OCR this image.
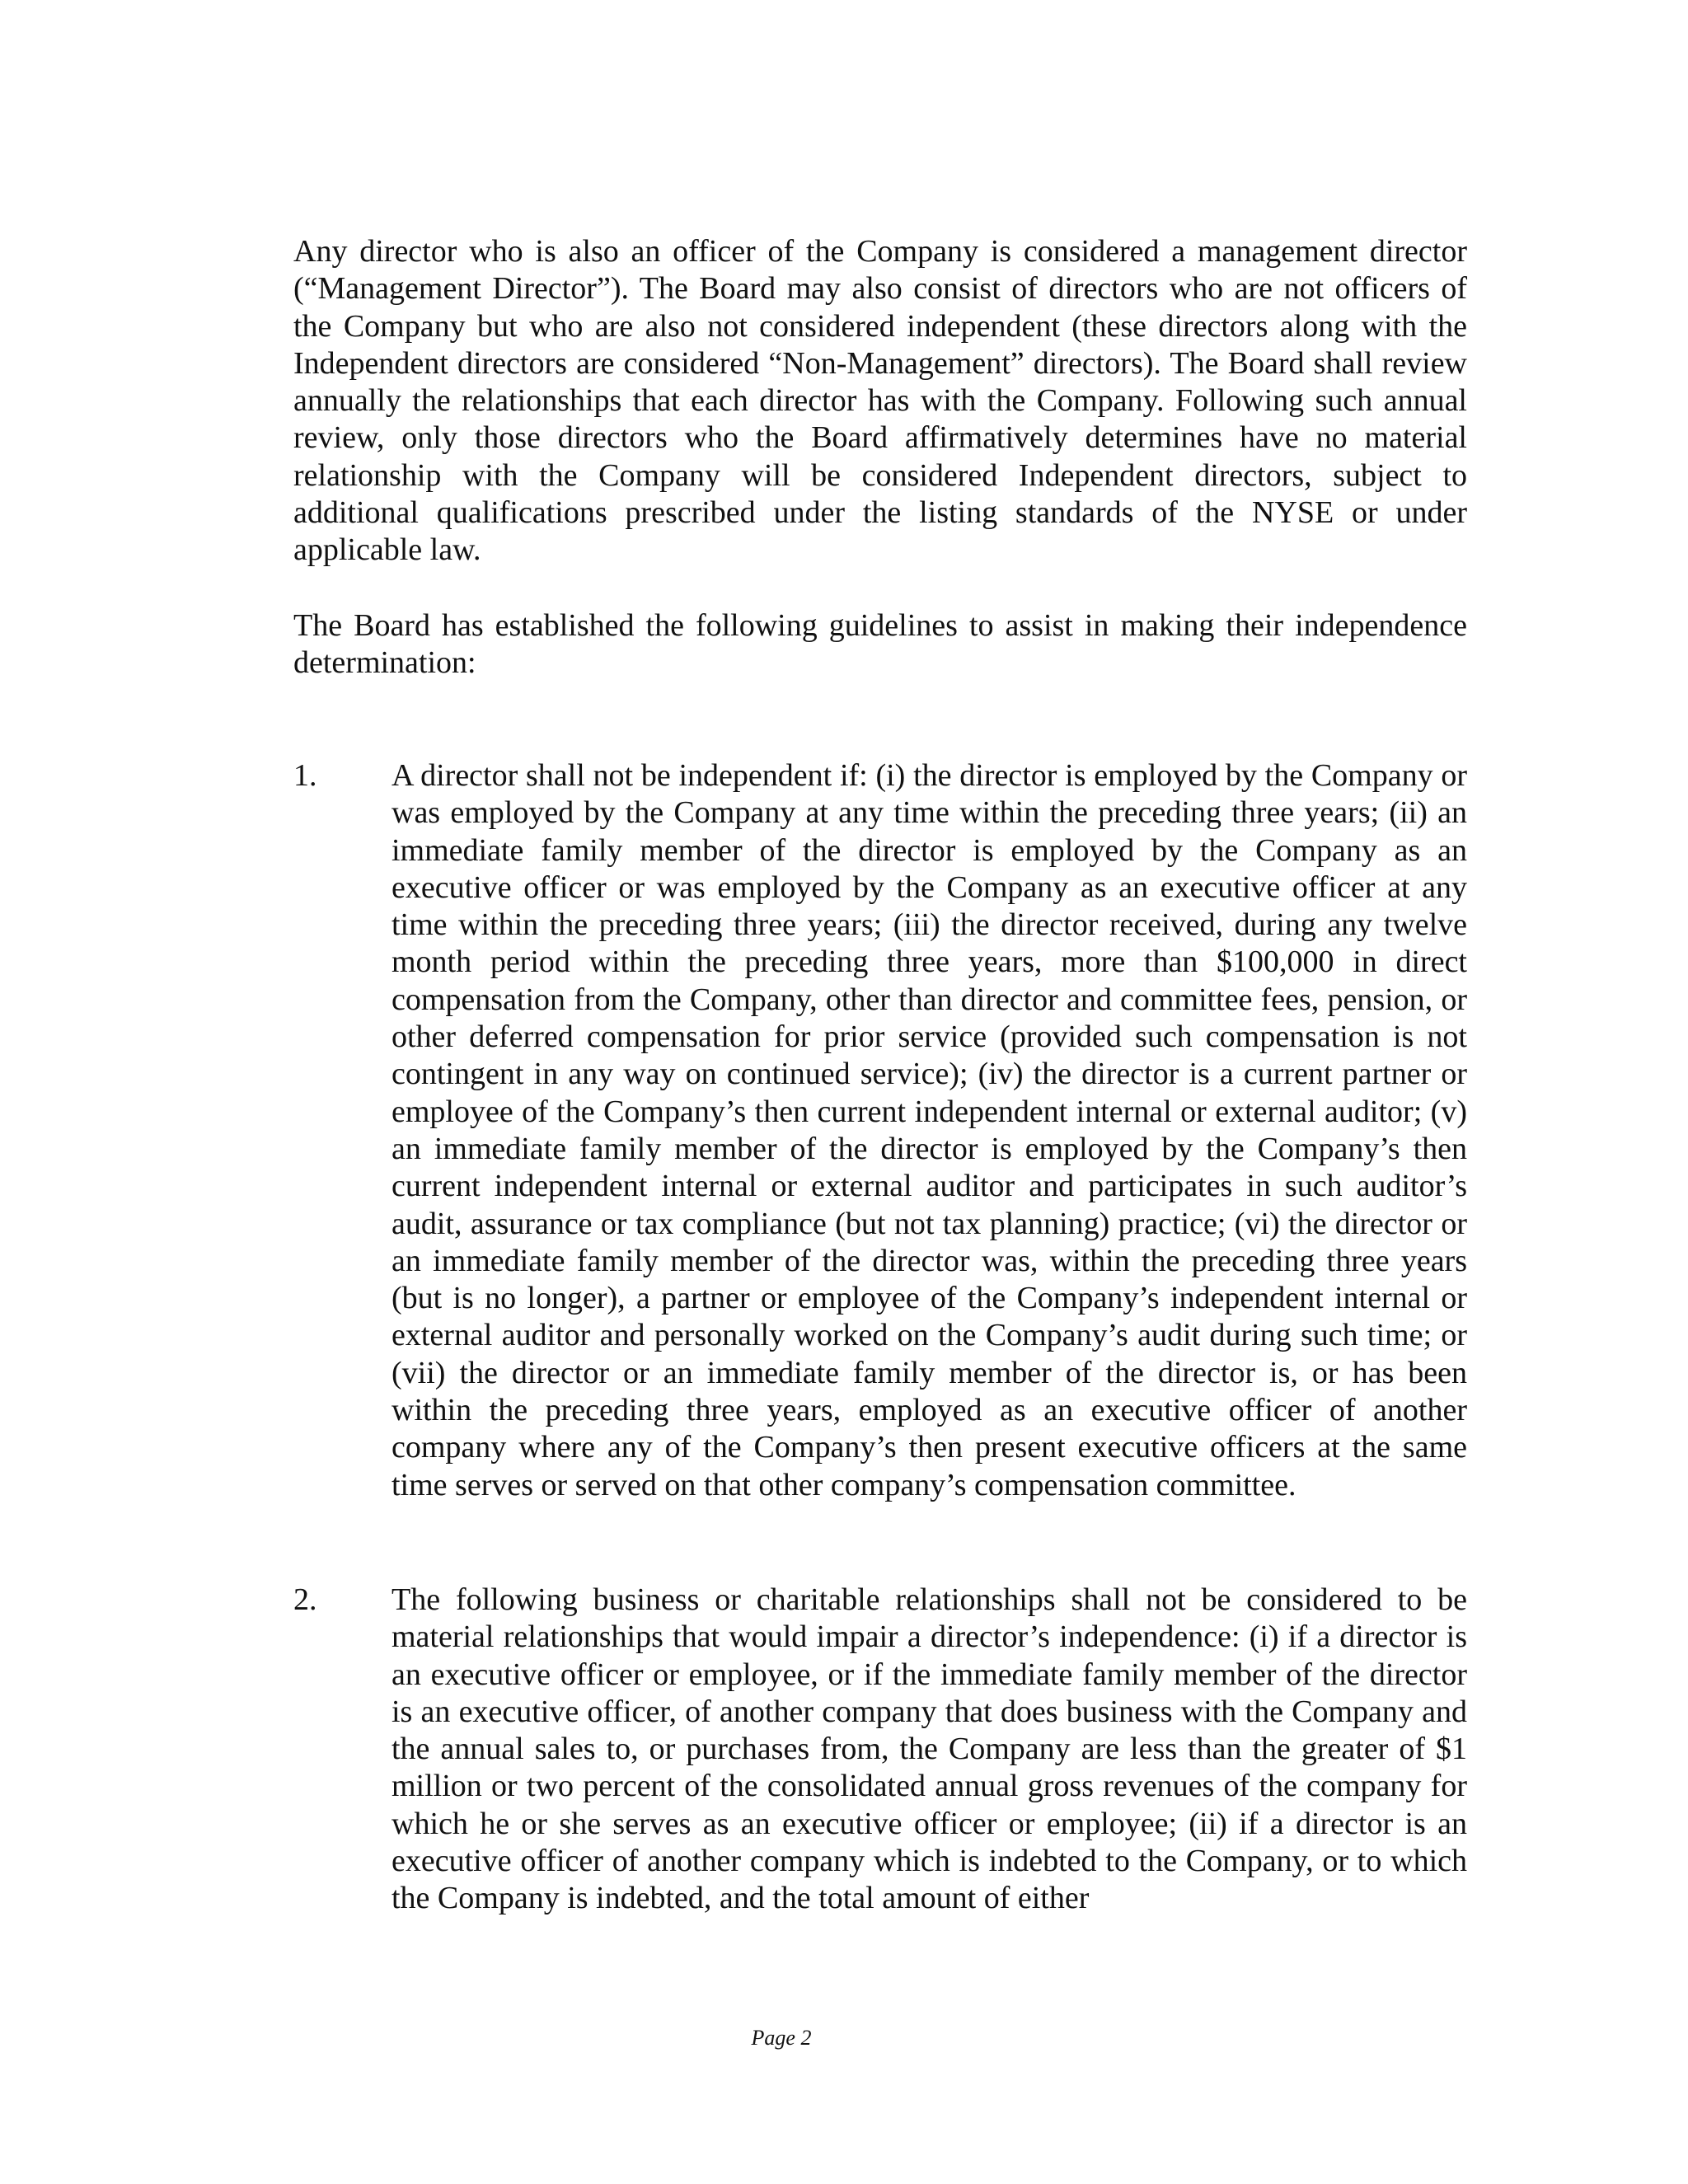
Any director who is also an officer of the Company is considered a management director (“Management Director”). The Board may also consist of directors who are not officers of the Company but who are also not considered independent (these directors along with the Independent directors are considered “Non-Management” directors). The Board shall review annually the relationships that each director has with the Company. Following such annual review, only those directors who the Board affirmatively determines have no material relationship with the Company will be considered Independent directors, subject to additional qualifications prescribed under the listing standards of the NYSE or under applicable law.

The Board has established the following guidelines to assist in making their independence determination:

1. A director shall not be independent if: (i) the director is employed by the Company or was employed by the Company at any time within the preceding three years; (ii) an immediate family member of the director is employed by the Company as an executive officer or was employed by the Company as an executive officer at any time within the preceding three years; (iii) the director received, during any twelve month period within the preceding three years, more than $100,000 in direct compensation from the Company, other than director and committee fees, pension, or other deferred compensation for prior service (provided such compensation is not contingent in any way on continued service); (iv) the director is a current partner or employee of the Company’s then current independent internal or external auditor; (v) an immediate family member of the director is employed by the Company’s then current independent internal or external auditor and participates in such auditor’s audit, assurance or tax compliance (but not tax planning) practice; (vi) the director or an immediate family member of the director was, within the preceding three years (but is no longer), a partner or employee of the Company’s independent internal or external auditor and personally worked on the Company’s audit during such time; or (vii) the director or an immediate family member of the director is, or has been within the preceding three years, employed as an executive officer of another company where any of the Company’s then present executive officers at the same time serves or served on that other company’s compensation committee.

2. The following business or charitable relationships shall not be considered to be material relationships that would impair a director’s independence: (i) if a director is an executive officer or employee, or if the immediate family member of the director is an executive officer, of another company that does business with the Company and the annual sales to, or purchases from, the Company are less than the greater of $1 million or two percent of the consolidated annual gross revenues of the company for which he or she serves as an executive officer or employee; (ii) if a director is an executive officer of another company which is indebted to the Company, or to which the Company is indebted, and the total amount of either

Page 2
